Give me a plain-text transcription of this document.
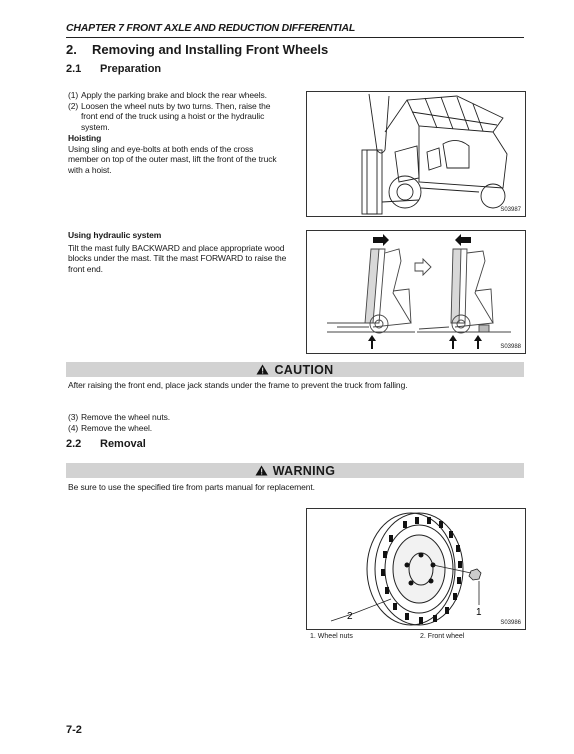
CHAPTER 7 FRONT AXLE AND REDUCTION DIFFERENTIAL
2. Removing and Installing Front Wheels
2.1 Preparation
(1) Apply the parking brake and block the rear wheels.
(2) Loosen the wheel nuts by two turns. Then, raise the front end of the truck using a hoist or the hydraulic system.
Hoisting
Using sling and eye-bolts at both ends of the cross member on top of the outer mast, lift the front of the truck with a hoist.
S03987
Using hydraulic system
Tilt the mast fully BACKWARD and place appropriate wood blocks under the mast. Tilt the mast FORWARD to raise the front end.
S03988
CAUTION
After raising the front end, place jack stands under the frame to prevent the truck from falling.
(3) Remove the wheel nuts.
(4) Remove the wheel.
2.2 Removal
WARNING
Be sure to use the specified tire from parts manual for replacement.
1
2
S03986
1. Wheel nuts	2. Front wheel
7-2
